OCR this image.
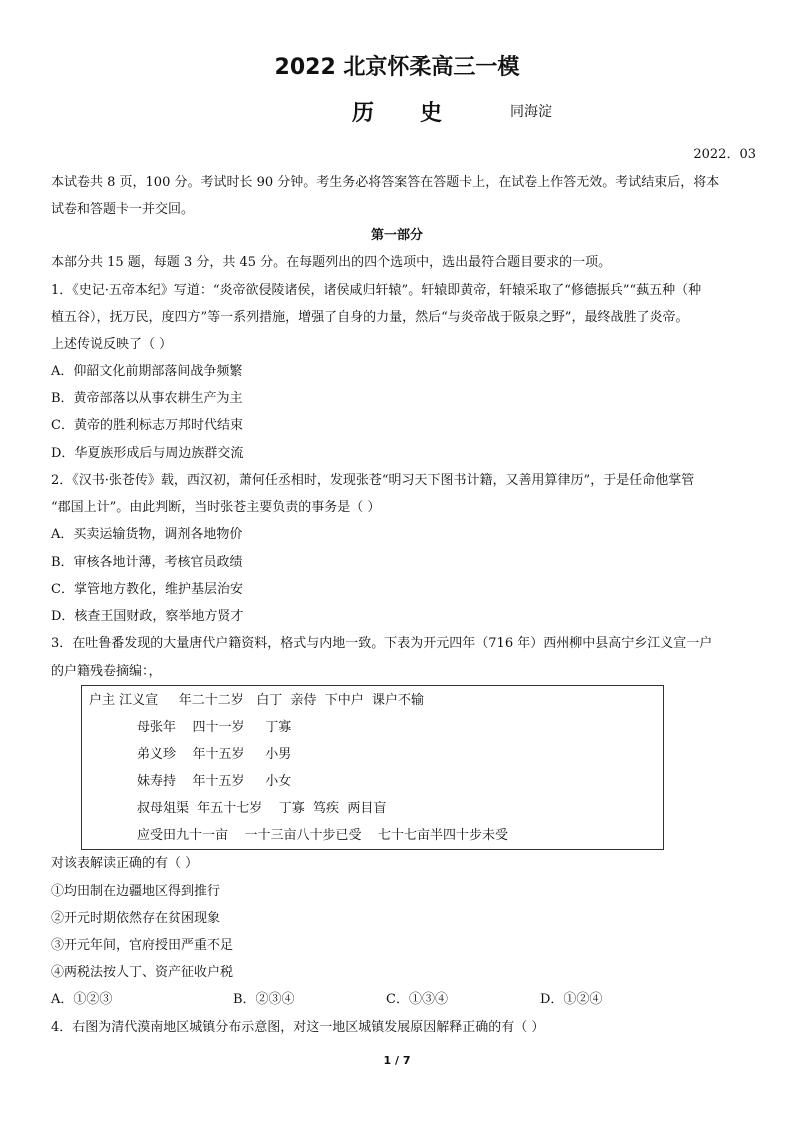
2022 北京怀柔高三一模
历史 同海淀
2022．03
本试卷共 8 页，100 分。考试时长 90 分钟。考生务必将答案答在答题卡上，在试卷上作答无效。考试结束后，将本
试卷和答题卡一并交回。
第一部分
本部分共 15 题，每题 3 分，共 45 分。在每题列出的四个选项中，选出最符合题目要求的一项。
1．《史记·五帝本纪》写道：“炎帝欲侵陵诸侯，诸侯咸归轩辕”。轩辕即黄帝，轩辕采取了“修德振兵”“蓺五种（种
植五谷），抚万民，度四方”等一系列措施，增强了自身的力量，然后“与炎帝战于阪泉之野”，最终战胜了炎帝。
上述传说反映了（ ）
A．仰韶文化前期部落间战争频繁
B．黄帝部落以从事农耕生产为主
C．黄帝的胜利标志万邦时代结束
D．华夏族形成后与周边族群交流
2．《汉书·张苍传》载，西汉初，萧何任丞相时，发现张苍“明习天下图书计籍，又善用算律历”，于是任命他掌管
“郡国上计”。由此判断，当时张苍主要负责的事务是（ ）
A．买卖运输货物，调剂各地物价
B．审核各地计薄，考核官员政绩
C．掌管地方教化，维护基层治安
D．核查王国财政，察举地方贤才
3．在吐鲁番发现的大量唐代户籍资料，格式与内地一致。下表为开元四年（716 年）西州柳中县高宁乡江义宣一户
的户籍残卷摘编：，
户主 江义宣     年二十二岁   白丁  亲侍  下中户  课户不输
母张年    四十一岁     丁寡
弟义珍    年十五岁     小男
妹寿持    年十五岁     小女
叔母俎渠  年五十七岁    丁寡  笃疾  两目盲
应受田九十一亩    一十三亩八十步已受    七十七亩半四十步未受
对该表解读正确的有（ ）
①均田制在边疆地区得到推行
②开元时期依然存在贫困现象
③开元年间，官府授田严重不足
④两税法按人丁、资产征收户税
A．①②③	B．②③④	C．①③④	D．①②④
4．右图为清代漠南地区城镇分布示意图，对这一地区城镇发展原因解释正确的有（ ）
1 / 7
